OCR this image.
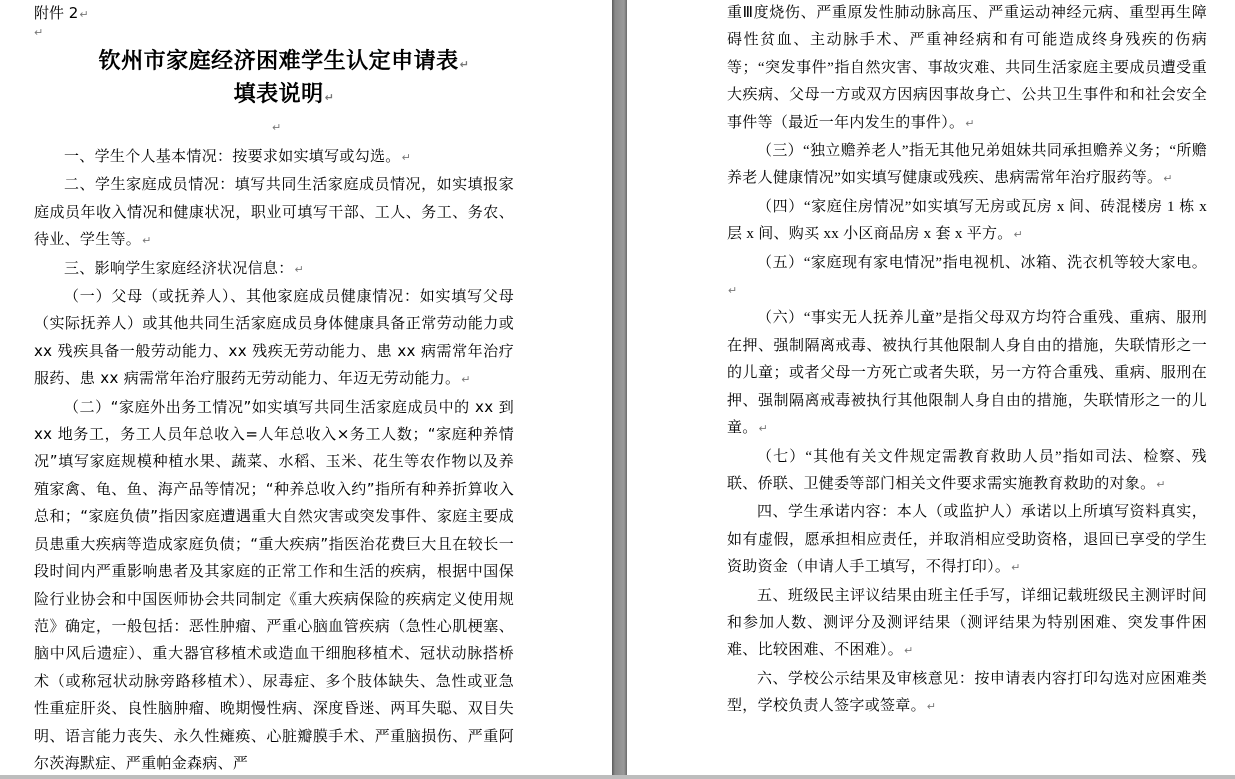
附件 2↵
↵
钦州市家庭经济困难学生认定申请表↵
填表说明↵
↵

一、学生个人基本情况：按要求如实填写或勾选。↵

二、学生家庭成员情况：填写共同生活家庭成员情况，如实填报家庭成员年收入情况和健康状况，职业可填写干部、工人、务工、务农、待业、学生等。↵

三、影响学生家庭经济状况信息：↵

（一）父母（或抚养人）、其他家庭成员健康情况：如实填写父母（实际抚养人）或其他共同生活家庭成员身体健康具备正常劳动能力或 xx 残疾具备一般劳动能力、xx 残疾无劳动能力、患 xx 病需常年治疗服药、患 xx 病需常年治疗服药无劳动能力、年迈无劳动能力。↵

（二）“家庭外出务工情况”如实填写共同生活家庭成员中的 xx 到 xx 地务工，务工人员年总收入=人年总收入×务工人数；“家庭种养情况”填写家庭规模种植水果、蔬菜、水稻、玉米、花生等农作物以及养殖家禽、龟、鱼、海产品等情况；“种养总收入约”指所有种养折算收入总和；“家庭负债”指因家庭遭遇重大自然灾害或突发事件、家庭主要成员患重大疾病等造成家庭负债；“重大疾病”指医治花费巨大且在较长一段时间内严重影响患者及其家庭的正常工作和生活的疾病，根据中国保险行业协会和中国医师协会共同制定《重大疾病保险的疾病定义使用规范》确定，一般包括：恶性肿瘤、严重心脑血管疾病（急性心肌梗塞、脑中风后遗症）、重大器官移植术或造血干细胞移植术、冠状动脉搭桥术（或称冠状动脉旁路移植术）、尿毒症、多个肢体缺失、急性或亚急性重症肝炎、良性脑肿瘤、晚期慢性病、深度昏迷、两耳失聪、双目失明、语言能力丧失、永久性瘫痪、心脏瓣膜手术、严重脑损伤、严重阿尔茨海默症、严重帕金森病、严

重Ⅲ度烧伤、严重原发性肺动脉高压、严重运动神经元病、重型再生障碍性贫血、主动脉手术、严重神经病和有可能造成终身残疾的伤病等；“突发事件”指自然灾害、事故灾难、共同生活家庭主要成员遭受重大疾病、父母一方或双方因病因事故身亡、公共卫生事件和和社会安全事件等（最近一年内发生的事件）。↵

（三）“独立赡养老人”指无其他兄弟姐妹共同承担赡养义务；“所赡养老人健康情况”如实填写健康或残疾、患病需常年治疗服药等。↵

（四）“家庭住房情况”如实填写无房或瓦房 x 间、砖混楼房 1 栋 x 层 x 间、购买 xx 小区商品房 x 套 x 平方。↵

（五）“家庭现有家电情况”指电视机、冰箱、洗衣机等较大家电。↵

（六）“事实无人抚养儿童”是指父母双方均符合重残、重病、服刑在押、强制隔离戒毒、被执行其他限制人身自由的措施，失联情形之一的儿童；或者父母一方死亡或者失联，另一方符合重残、重病、服刑在押、强制隔离戒毒被执行其他限制人身自由的措施，失联情形之一的儿童。↵

（七）“其他有关文件规定需教育救助人员”指如司法、检察、残联、侨联、卫健委等部门相关文件要求需实施教育救助的对象。↵

四、学生承诺内容：本人（或监护人）承诺以上所填写资料真实，如有虚假，愿承担相应责任，并取消相应受助资格，退回已享受的学生资助资金（申请人手工填写，不得打印）。↵

五、班级民主评议结果由班主任手写，详细记载班级民主测评时间和参加人数、测评分及测评结果（测评结果为特别困难、突发事件困难、比较困难、不困难）。↵

六、学校公示结果及审核意见：按申请表内容打印勾选对应困难类型，学校负责人签字或签章。↵
